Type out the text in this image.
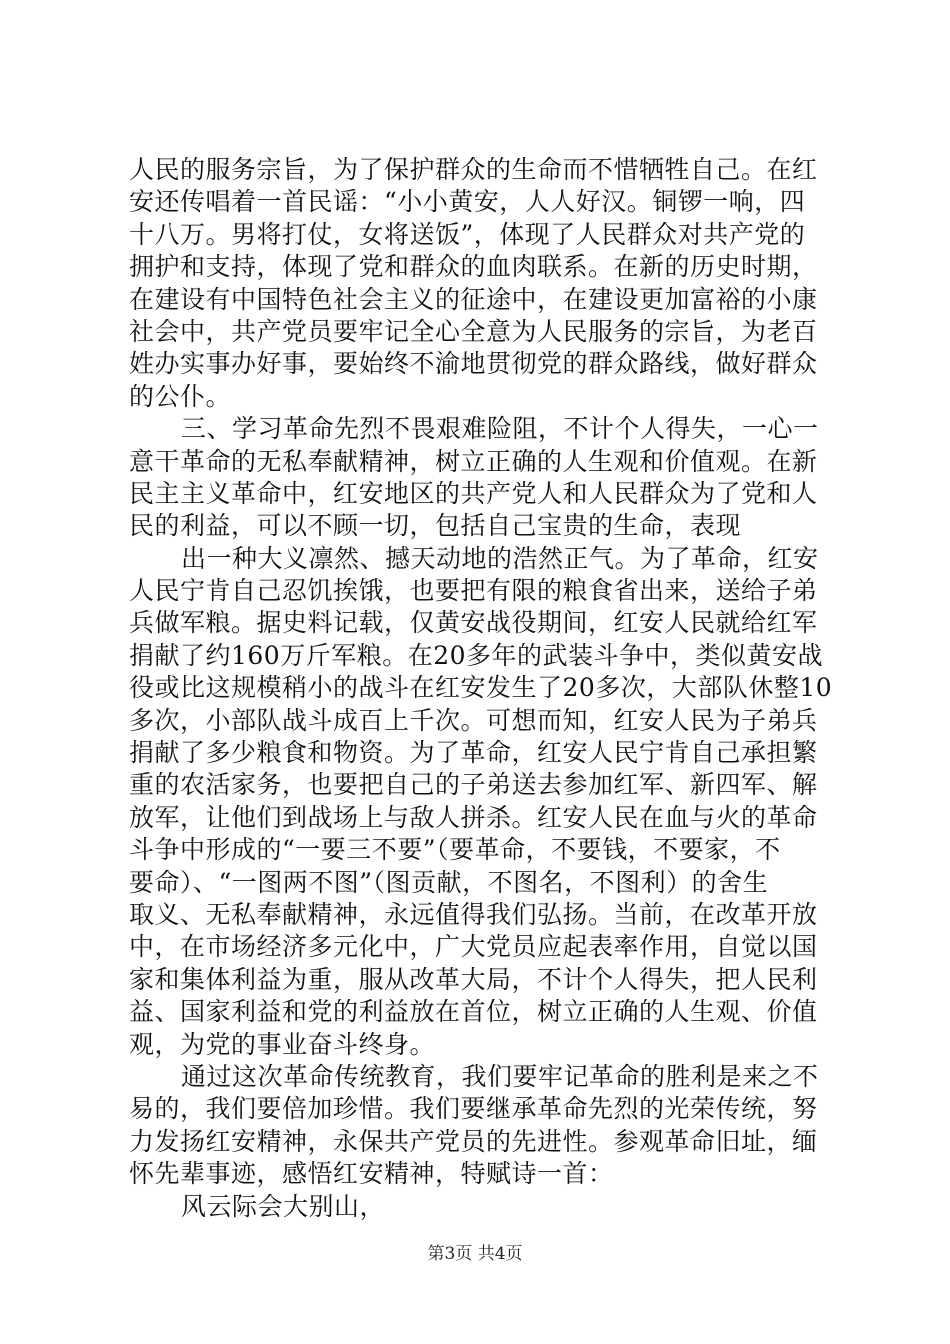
人民的服务宗旨，为了保护群众的生命而不惜牺牲自己。在红
安还传唱着一首民谣：“小小黄安，人人好汉。铜锣一响，四
十八万。男将打仗，女将送饭”，体现了人民群众对共产党的
拥护和支持，体现了党和群众的血肉联系。在新的历史时期，
在建设有中国特色社会主义的征途中，在建设更加富裕的小康
社会中，共产党员要牢记全心全意为人民服务的宗旨，为老百
姓办实事办好事，要始终不渝地贯彻党的群众路线，做好群众
的公仆。
三、学习革命先烈不畏艰难险阻，不计个人得失，一心一
意干革命的无私奉献精神，树立正确的人生观和价值观。在新
民主主义革命中，红安地区的共产党人和人民群众为了党和人
民的利益，可以不顾一切，包括自己宝贵的生命，表现
出一种大义凛然、撼天动地的浩然正气。为了革命，红安
人民宁肯自己忍饥挨饿，也要把有限的粮食省出来，送给子弟
兵做军粮。据史料记载，仅黄安战役期间，红安人民就给红军
捐献了约160万斤军粮。在20多年的武装斗争中，类似黄安战
役或比这规模稍小的战斗在红安发生了20多次，大部队休整10
多次，小部队战斗成百上千次。可想而知，红安人民为子弟兵
捐献了多少粮食和物资。为了革命，红安人民宁肯自己承担繁
重的农活家务，也要把自己的子弟送去参加红军、新四军、解
放军，让他们到战场上与敌人拼杀。红安人民在血与火的革命
斗争中形成的“一要三不要”（要革命，不要钱，不要家，不
要命）、“一图两不图”（图贡献，不图名，不图利）的舍生
取义、无私奉献精神，永远值得我们弘扬。当前，在改革开放
中，在市场经济多元化中，广大党员应起表率作用，自觉以国
家和集体利益为重，服从改革大局，不计个人得失，把人民利
益、国家利益和党的利益放在首位，树立正确的人生观、价值
观，为党的事业奋斗终身。
通过这次革命传统教育，我们要牢记革命的胜利是来之不
易的，我们要倍加珍惜。我们要继承革命先烈的光荣传统，努
力发扬红安精神，永保共产党员的先进性。参观革命旧址，缅
怀先辈事迹，感悟红安精神，特赋诗一首：
风云际会大别山，
第3页 共4页
